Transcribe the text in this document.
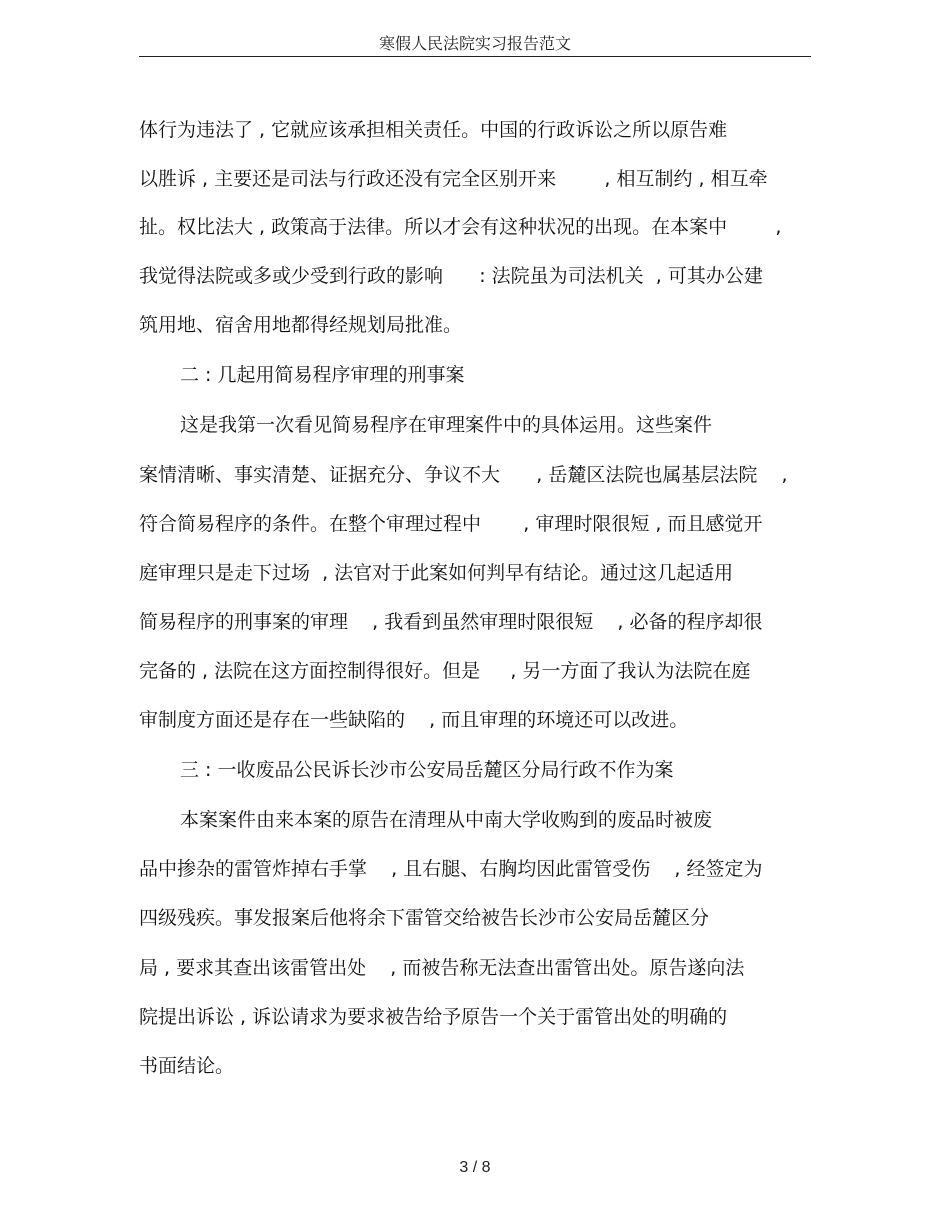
寒假人民法院实习报告范文
体行为违法了 , 它就应该承担相关责任。中国的行政诉讼之所以原告难
以胜诉 , 主要还是司法与行政还没有完全区别开来        , 相互制约 , 相互牵
扯。权比法大 , 政策高于法律。所以才会有这种状况的出现。在本案中        ,
我觉得法院或多或少受到行政的影响      : 法院虽为司法机关  , 可其办公建
筑用地、宿舍用地都得经规划局批准。
二 : 几起用简易程序审理的刑事案
这是我第一次看见简易程序在审理案件中的具体运用。这些案件
案情清晰、事实清楚、证据充分、争议不大      , 岳麓区法院也属基层法院    ,
符合简易程序的条件。在整个审理过程中       , 审理时限很短 , 而且感觉开
庭审理只是走下过场  , 法官对于此案如何判早有结论。通过这几起适用
简易程序的刑事案的审理    , 我看到虽然审理时限很短    , 必备的程序却很
完备的 , 法院在这方面控制得很好。但是     , 另一方面了我认为法院在庭
审制度方面还是存在一些缺陷的    , 而且审理的环境还可以改进。
三 : 一收废品公民诉长沙市公安局岳麓区分局行政不作为案
本案案件由来本案的原告在清理从中南大学收购到的废品时被废
品中掺杂的雷管炸掉右手掌    , 且右腿、右胸均因此雷管受伤    , 经签定为
四级残疾。事发报案后他将余下雷管交给被告长沙市公安局岳麓区分
局 , 要求其查出该雷管出处    , 而被告称无法查出雷管出处。原告遂向法
院提出诉讼 , 诉讼请求为要求被告给予原告一个关于雷管出处的明确的
书面结论。
3 / 8
